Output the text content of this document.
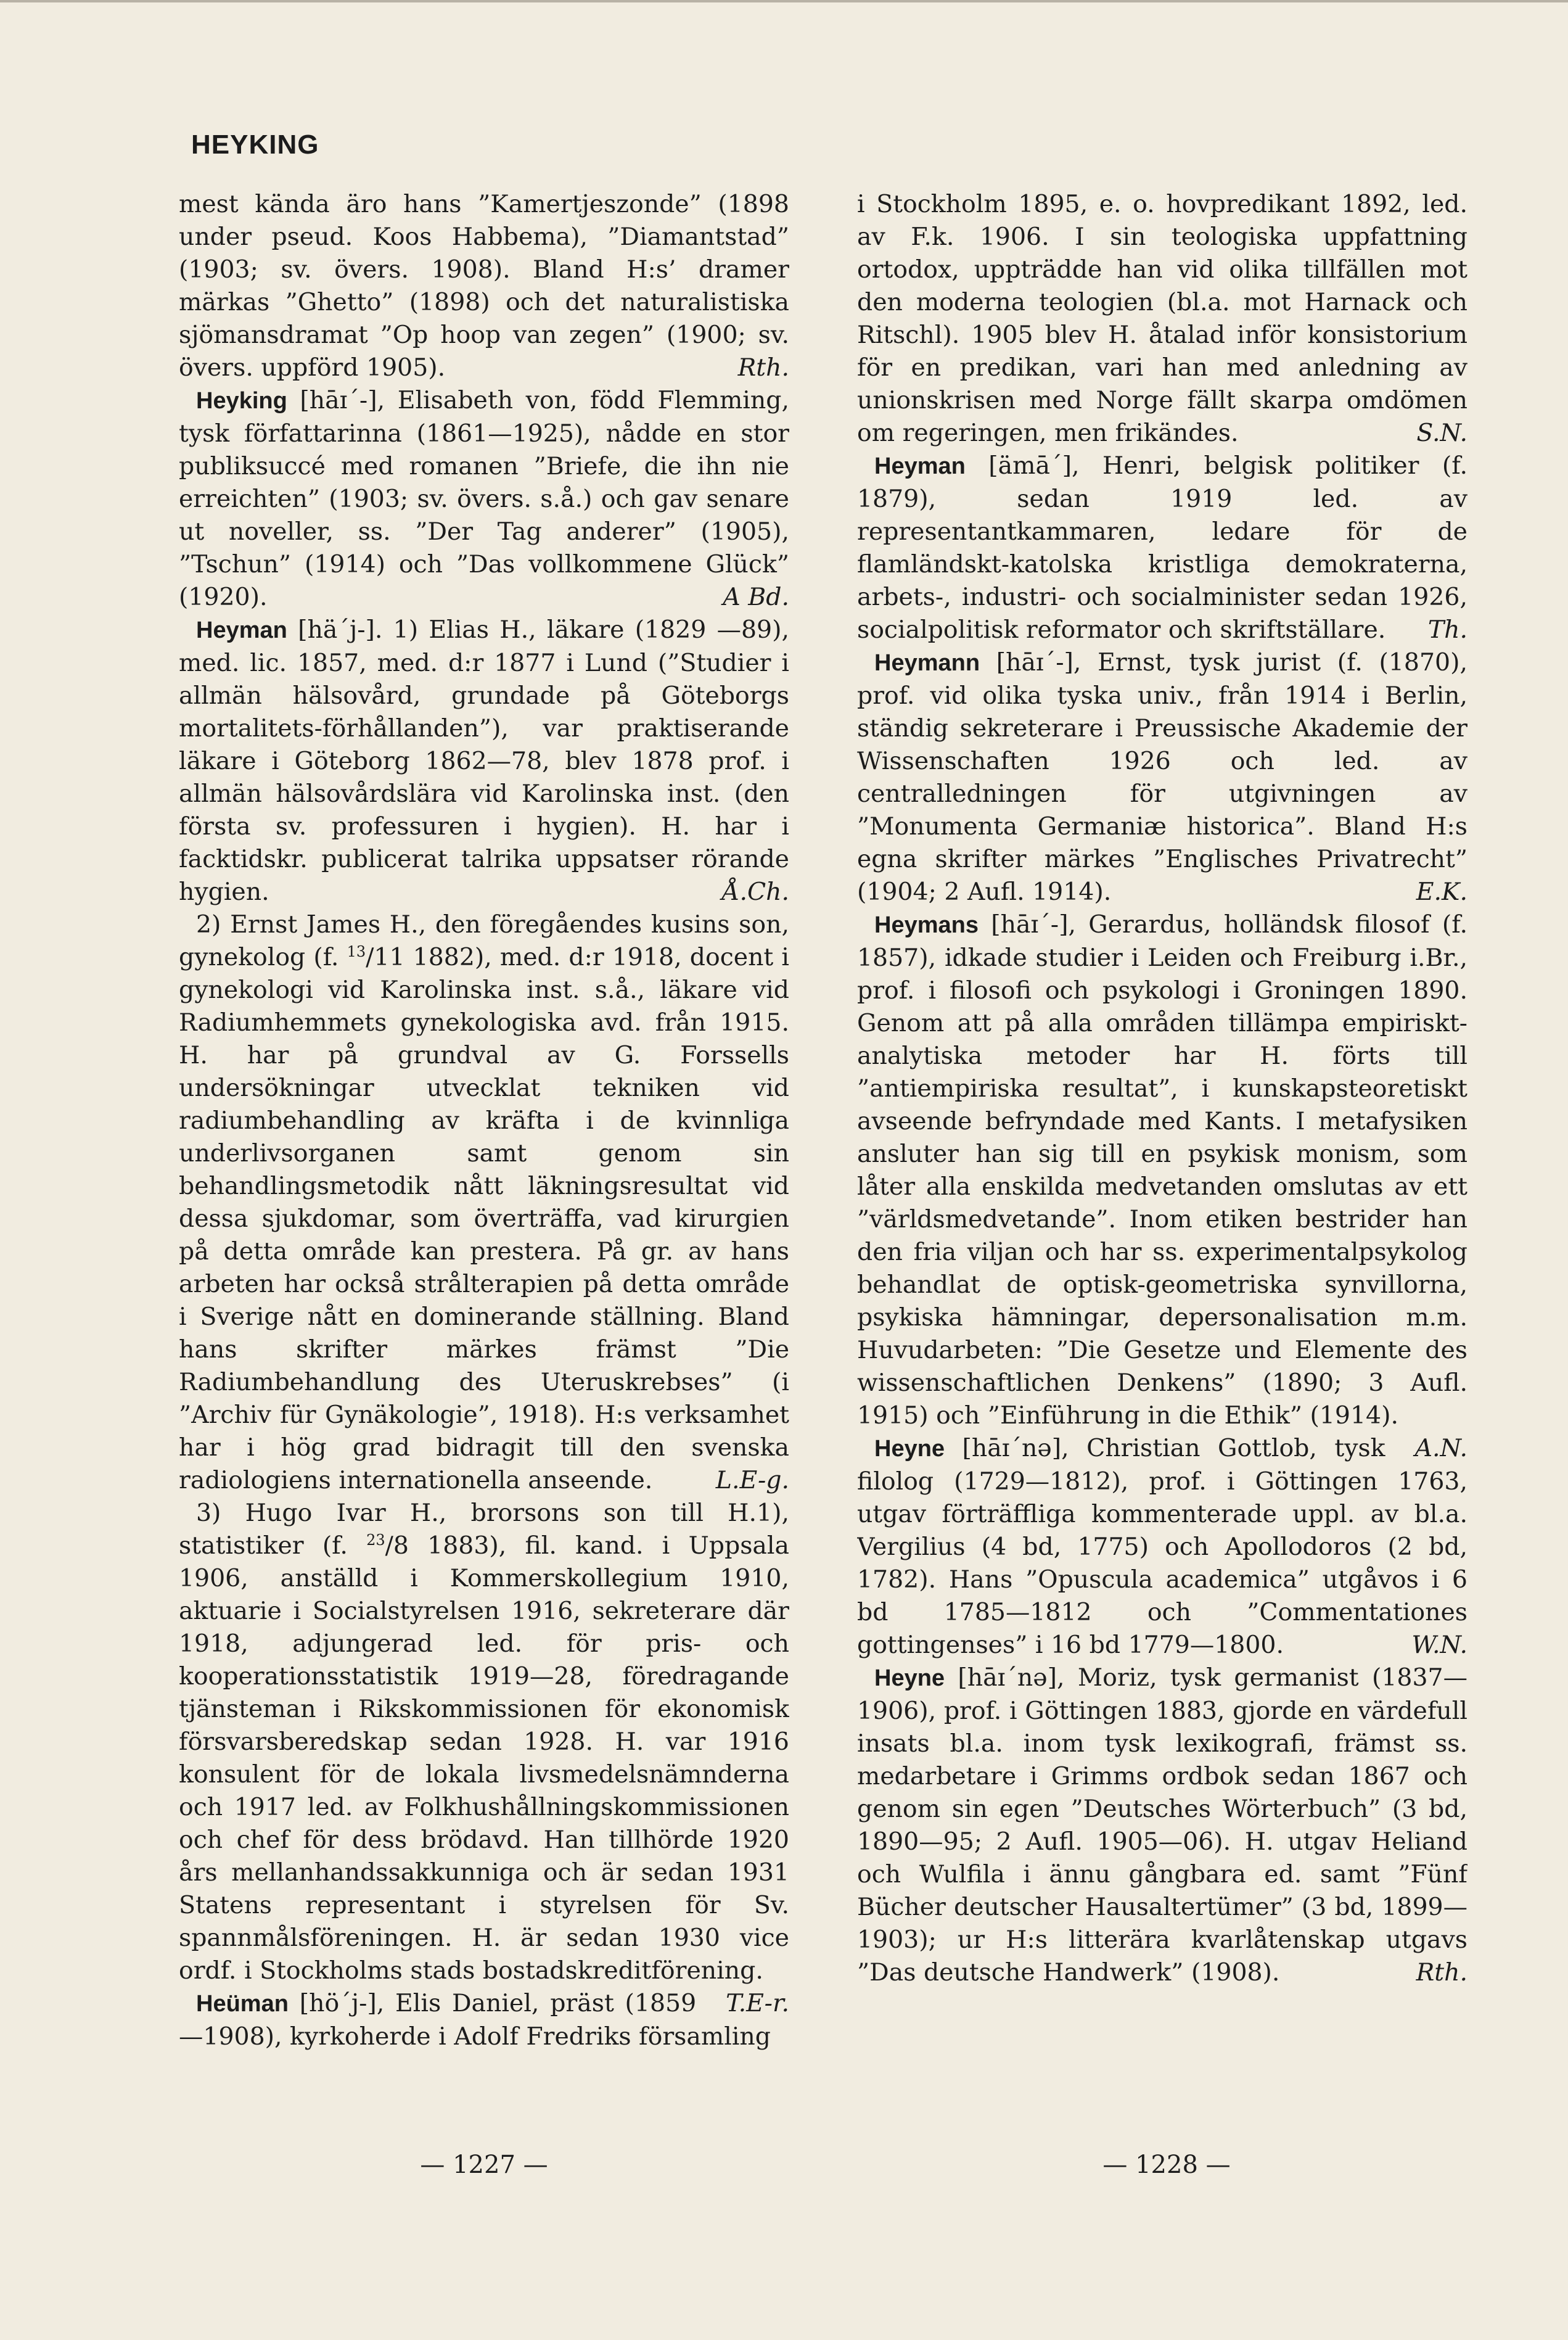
HEYKING

mest kända äro hans ”Kamertjeszonde” (1898 under pseud. Koos Habbema), ”Diamantstad” (1903; sv. övers. 1908). Bland H:s’ dramer märkas ”Ghetto” (1898) och det naturalistiska sjömansdramat ”Op hoop van zegen” (1900; sv. övers. uppförd 1905).	Rth.

Heyking [hāɪ´-], Elisabeth von, född Flemming, tysk författarinna (1861—1925), nådde en stor publiksuccé med romanen ”Briefe, die ihn nie erreichten” (1903; sv. övers. s.å.) och gav senare ut noveller, ss. ”Der Tag anderer” (1905), ”Tschun” (1914) och ”Das vollkommene Glück” (1920).	A Bd.

Heyman [hä´j-]. 1) Elias H., läkare (1829 —89), med. lic. 1857, med. d:r 1877 i Lund (”Studier i allmän hälsovård, grundade på Göteborgs mortalitets-förhållanden”), var praktiserande läkare i Göteborg 1862—78, blev 1878 prof. i allmän hälsovårdslära vid Karolinska inst. (den första sv. professuren i hygien). H. har i facktidskr. publicerat talrika uppsatser rörande hygien.	Å.Ch.

2) Ernst James H., den föregåendes kusins son, gynekolog (f. $^{13}$/11 1882), med. d:r 1918, docent i gynekologi vid Karolinska inst. s.å., läkare vid Radiumhemmets gynekologiska avd. från 1915. H. har på grundval av G. Forssells undersökningar utvecklat tekniken vid radiumbehandling av kräfta i de kvinnliga underlivsorganen samt genom sin behandlingsmetodik nått läkningsresultat vid dessa sjukdomar, som överträffa, vad kirurgien på detta område kan prestera. På gr. av hans arbeten har också strålterapien på detta område i Sverige nått en dominerande ställning. Bland hans skrifter märkes främst ”Die Radiumbehandlung des Uteruskrebses” (i ”Archiv für Gynäkologie”, 1918). H:s verksamhet har i hög grad bidragit till den svenska radiologiens internationella anseende.	L.E-g.

3) Hugo Ivar H., brorsons son till H.1), statistiker (f. $^{23}$/8 1883), fil. kand. i Uppsala 1906, anställd i Kommerskollegium 1910, aktuarie i Socialstyrelsen 1916, sekreterare där 1918, adjungerad led. för pris- och kooperationsstatistik 1919—28, föredragande tjänsteman i Rikskommissionen för ekonomisk försvarsberedskap sedan 1928. H. var 1916 konsulent för de lokala livsmedelsnämnderna och 1917 led. av Folkhushållningskommissionen och chef för dess brödavd. Han tillhörde 1920 års mellanhandssakkunniga och är sedan 1931 Statens representant i styrelsen för Sv. spannmålsföreningen. H. är sedan 1930 vice ordf. i Stockholms stads bostadskreditförening.
T.E-r.

Heüman [hö´j-], Elis Daniel, präst (1859—1908), kyrkoherde i Adolf Fredriks församling

i Stockholm 1895, e. o. hovpredikant 1892, led. av F.k. 1906. I sin teologiska uppfattning ortodox, uppträdde han vid olika tillfällen mot den moderna teologien (bl.a. mot Harnack och Ritschl). 1905 blev H. åtalad inför konsistorium för en predikan, vari han med anledning av unionskrisen med Norge fällt skarpa omdömen om regeringen, men frikändes.	S.N.

Heyman [ämā´], Henri, belgisk politiker (f. 1879), sedan 1919 led. av representantkammaren, ledare för de flamländskt-katolska kristliga demokraterna, arbets-, industri- och socialminister sedan 1926, socialpolitisk reformator och skriftställare.	Th.

Heymann [hāɪ´-], Ernst, tysk jurist (f. (1870), prof. vid olika tyska univ., från 1914 i Berlin, ständig sekreterare i Preussische Akademie der Wissenschaften 1926 och led. av centralledningen för utgivningen av ”Monumenta Germaniæ historica”. Bland H:s egna skrifter märkes ”Englisches Privatrecht” (1904; 2 Aufl. 1914).	E.K.

Heymans [hāɪ´-], Gerardus, holländsk filosof (f. 1857), idkade studier i Leiden och Freiburg i.Br., prof. i filosofi och psykologi i Groningen 1890. Genom att på alla områden tillämpa empiriskt-analytiska metoder har H. förts till ”antiempiriska resultat”, i kunskapsteoretiskt avseende befryndade med Kants. I metafysiken ansluter han sig till en psykisk monism, som låter alla enskilda medvetanden omslutas av ett ”världsmedvetande”. Inom etiken bestrider han den fria viljan och har ss. experimentalpsykolog behandlat de optisk-geometriska synvillorna, psykiska hämningar, depersonalisation m.m. Huvudarbeten: ”Die Gesetze und Elemente des wissenschaftlichen Denkens” (1890; 3 Aufl. 1915) och ”Einführung in die Ethik” (1914).
A.N.

Heyne [hāɪ´nə], Christian Gottlob, tysk filolog (1729—1812), prof. i Göttingen 1763, utgav förträffliga kommenterade uppl. av bl.a. Vergilius (4 bd, 1775) och Apollodoros (2 bd, 1782). Hans ”Opuscula academica” utgåvos i 6 bd 1785—1812 och ”Commentationes gottingenses” i 16 bd 1779—1800.	W.N.

Heyne [hāɪ´nə], Moriz, tysk germanist (1837—1906), prof. i Göttingen 1883, gjorde en värdefull insats bl.a. inom tysk lexikografi, främst ss. medarbetare i Grimms ordbok sedan 1867 och genom sin egen ”Deutsches Wörterbuch” (3 bd, 1890—95; 2 Aufl. 1905—06). H. utgav Heliand och Wulfila i ännu gångbara ed. samt ”Fünf Bücher deutscher Hausaltertümer” (3 bd, 1899—1903); ur H:s litterära kvarlåtenskap utgavs ”Das deutsche Handwerk” (1908).	Rth.

— 1227 —	— 1228 —
